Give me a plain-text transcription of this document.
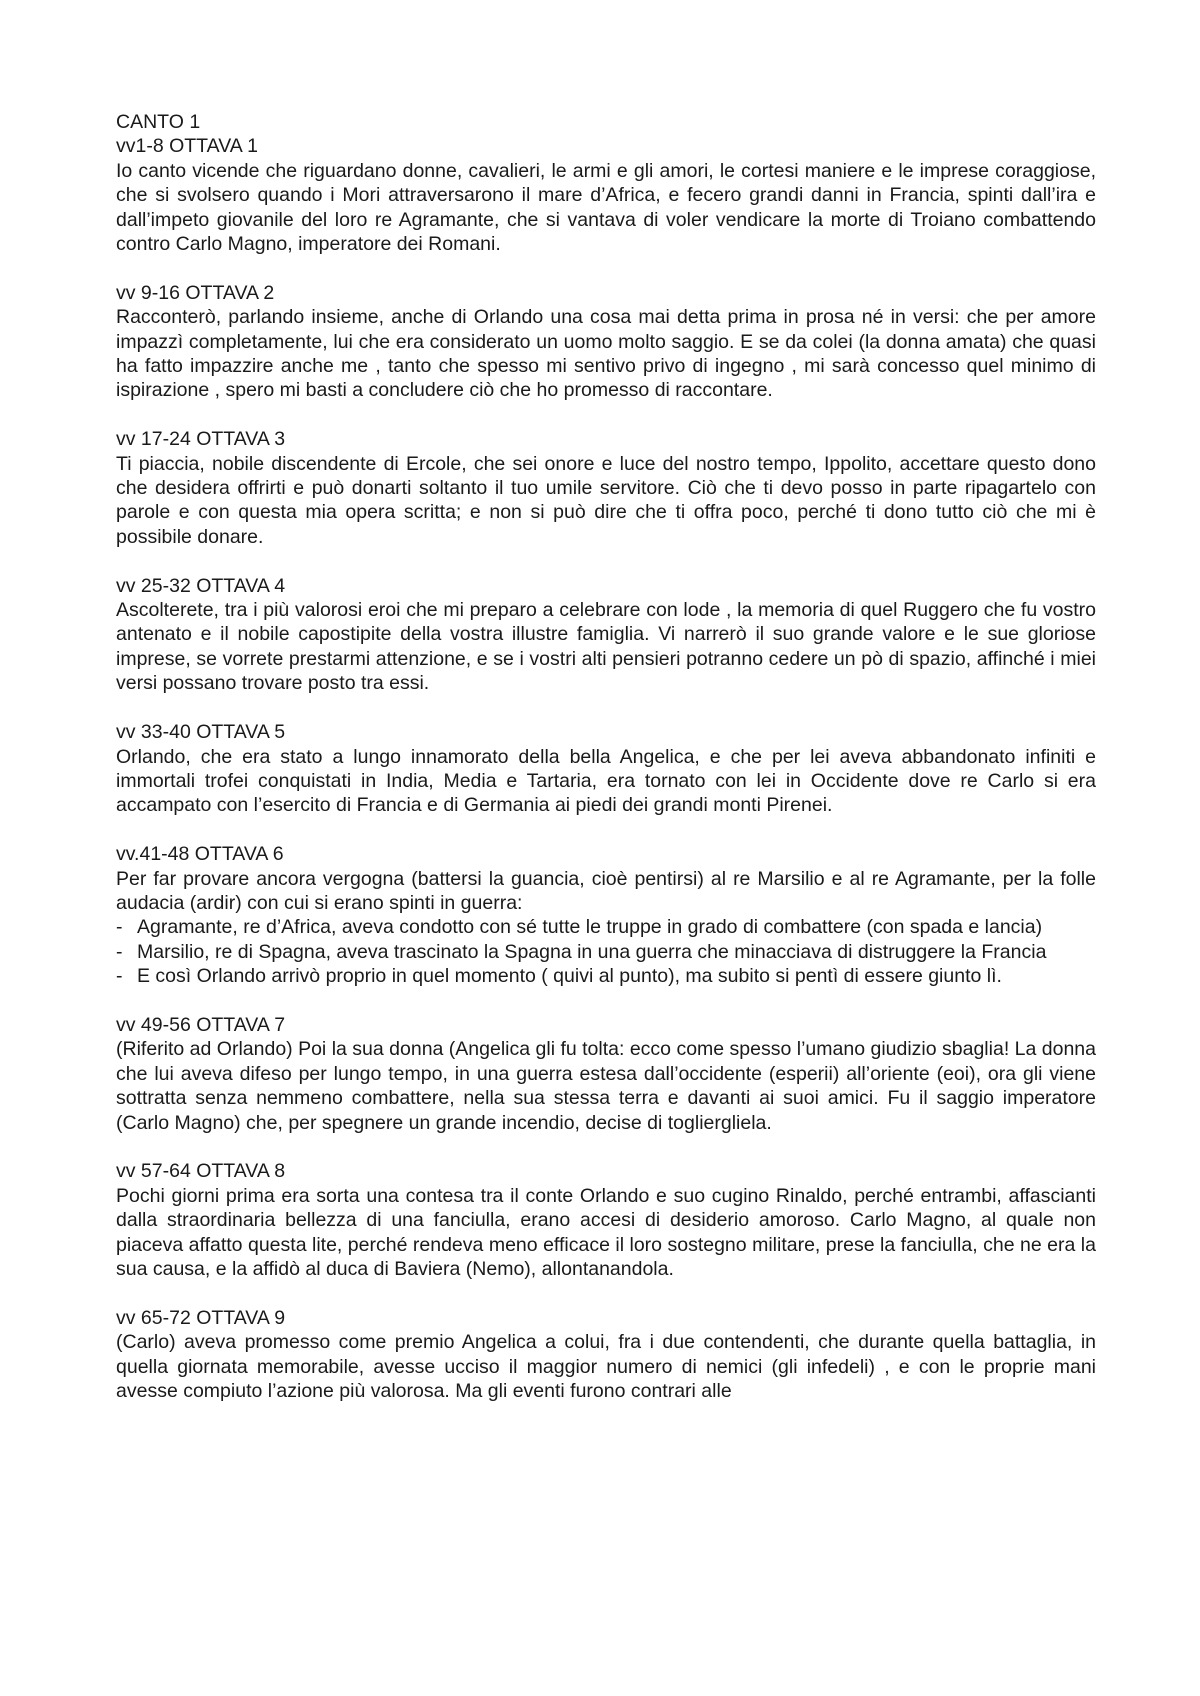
CANTO 1
vv1-8 OTTAVA 1
Io canto vicende che riguardano donne, cavalieri, le armi e gli amori, le cortesi maniere e le imprese coraggiose, che si svolsero quando i Mori attraversarono il mare d’Africa, e fecero grandi danni in Francia, spinti dall’ira e dall’impeto giovanile del loro re Agramante, che si vantava di voler vendicare la morte di Troiano combattendo contro Carlo Magno, imperatore dei Romani.
vv 9-16 OTTAVA 2
Racconterò, parlando insieme, anche di Orlando una cosa mai detta prima in prosa né in versi: che per amore impazzì completamente, lui che era considerato un uomo molto saggio. E se da colei (la donna amata) che quasi ha fatto impazzire anche me , tanto che spesso mi sentivo privo di ingegno , mi sarà concesso quel minimo di ispirazione , spero mi basti a concludere ciò che ho promesso di raccontare.
vv 17-24 OTTAVA 3
Ti piaccia, nobile discendente di Ercole, che sei onore e luce del nostro tempo, Ippolito, accettare questo dono che desidera offrirti e può donarti soltanto il tuo umile servitore. Ciò che ti devo posso in parte ripagartelo con parole e con questa mia opera scritta; e non si può dire che ti offra poco, perché ti dono tutto ciò che mi è possibile donare.
vv 25-32 OTTAVA 4
Ascolterete, tra i più valorosi eroi che mi preparo a celebrare con lode , la memoria di quel Ruggero che fu vostro antenato e il nobile capostipite della vostra illustre famiglia. Vi narrerò il suo grande valore e le sue gloriose imprese, se vorrete prestarmi attenzione, e se i vostri alti pensieri potranno cedere un pò di spazio, affinché i miei versi possano trovare posto tra essi.
vv 33-40 OTTAVA 5
Orlando, che era stato a lungo innamorato della bella Angelica, e che per lei aveva abbandonato infiniti e immortali trofei conquistati in India, Media e Tartaria, era tornato con lei in Occidente dove re Carlo si era accampato con l’esercito di Francia e di Germania ai piedi dei grandi monti Pirenei.
vv.41-48 OTTAVA 6
Per far provare ancora vergogna (battersi la guancia, cioè pentirsi) al re Marsilio e al re Agramante, per la folle audacia (ardir) con cui si erano spinti in guerra:
- Agramante, re d’Africa, aveva condotto con sé tutte le truppe in grado di combattere (con spada e lancia)
- Marsilio, re di Spagna, aveva trascinato la Spagna in una guerra che minacciava di distruggere la Francia
- E così Orlando arrivò proprio in quel momento ( quivi al punto), ma subito si pentì di essere giunto lì.
vv 49-56 OTTAVA 7
(Riferito ad Orlando) Poi la sua donna (Angelica gli fu tolta: ecco come spesso l’umano giudizio sbaglia! La donna che lui aveva difeso per lungo tempo, in una guerra estesa dall’occidente (esperii) all’oriente (eoi), ora gli viene sottratta senza nemmeno combattere, nella sua stessa terra e davanti ai suoi amici. Fu il saggio imperatore (Carlo Magno) che, per spegnere un grande incendio, decise di togliergliela.
vv 57-64 OTTAVA 8
Pochi giorni prima era sorta una contesa tra il conte Orlando e suo cugino Rinaldo, perché entrambi, affascianti dalla straordinaria bellezza di una fanciulla, erano accesi di desiderio amoroso. Carlo Magno, al quale non piaceva affatto questa lite, perché rendeva meno efficace il loro sostegno militare, prese la fanciulla, che ne era la sua causa, e la affidò al duca di Baviera (Nemo), allontanandola.
vv 65-72 OTTAVA 9
(Carlo) aveva promesso come premio Angelica a colui, fra i due contendenti, che durante quella battaglia, in quella giornata memorabile, avesse ucciso il maggior numero di nemici (gli infedeli) , e con le proprie mani avesse compiuto l’azione più valorosa. Ma gli eventi furono contrari alle
